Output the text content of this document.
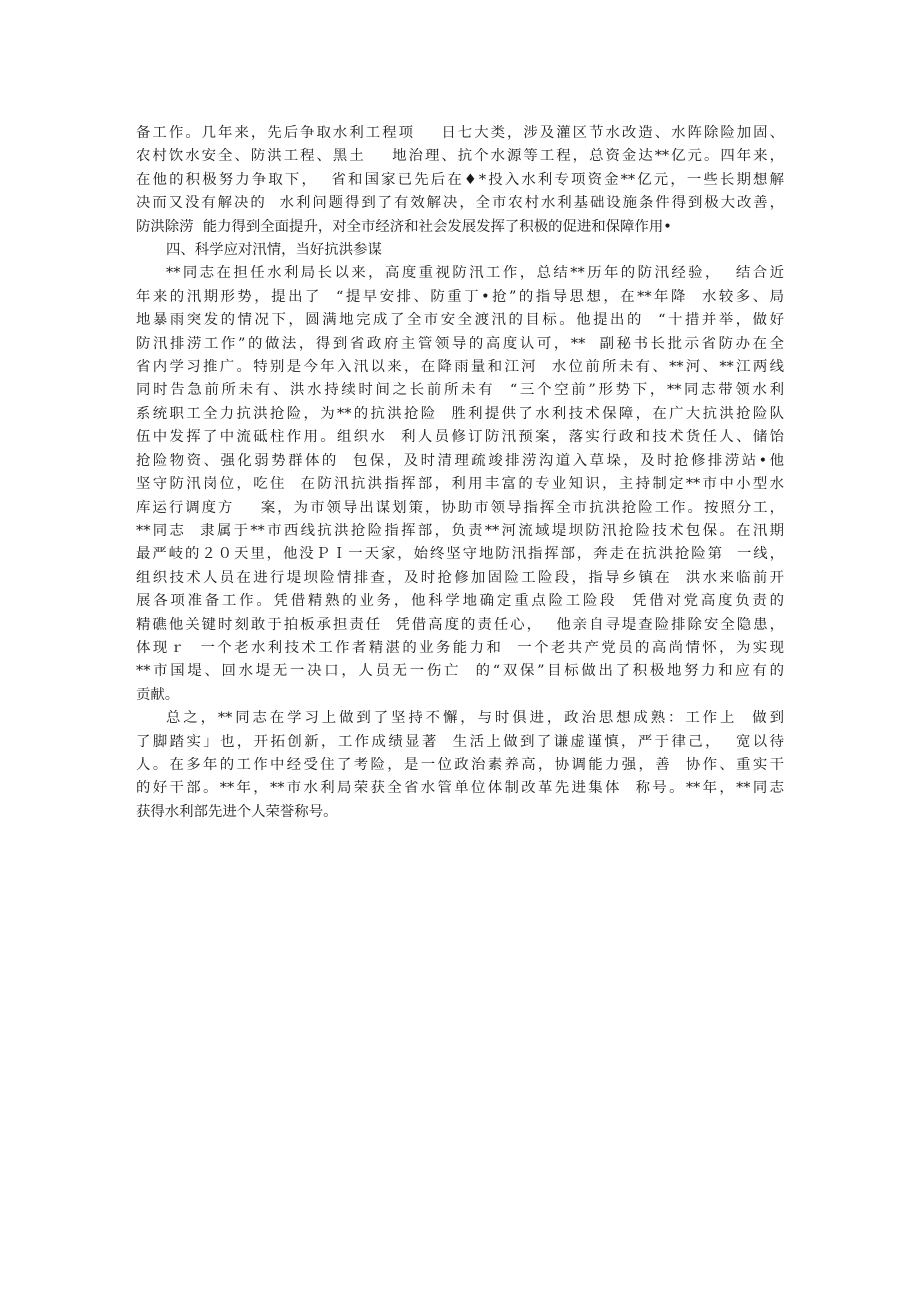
备工作。几年来，先后争取水利工程项    日七大类，涉及灌区节水改造、水阵除险加固、
农村饮水安全、防洪工程、黑土    地治理、抗个水源等工程，总资金达**亿元。四年来，
在他的积极努力争取下，  省和国家已先后在♦*投入水利专项资金**亿元，一些长期想解
决而又没有解决的  水利问题得到了有效解决，全市农村水利基础设施条件得到极大改善，
防洪除涝  能力得到全面提升，对全市经济和社会发展发挥了积极的促进和保障作用•
四、科学应对汛情，当好抗洪参谋
**同志在担任水利局长以来，高度重视防汛工作，总结**历年的防汛经验，  结合近
年来的汛期形势，提出了  “提早安排、防重丁•抢”的指导思想，在**年降  水较多、局
地暴雨突发的情况下，圆满地完成了全市安全渡汛的目标。他提出的  “十措并举，做好
防汛排涝工作”的做法，得到省政府主管领导的高度认可，**  副秘书长批示省防办在全
省内学习推广。特别是今年入汛以来，在降雨量和江河  水位前所未有、**河、**江两线
同时告急前所未有、洪水持续时间之长前所未有  “三个空前”形势下，**同志带领水利
系统职工全力抗洪抢险，为**的抗洪抢险  胜利提供了水利技术保障，在广大抗洪抢险队
伍中发挥了中流砥柱作用。组织水  利人员修订防汛预案，落实行政和技术货任人、储饴
抢险物资、强化弱势群体的  包保，及时清理疏竣排涝沟道入草垛，及时抢修排涝站•他
坚守防汛岗位，吃住  在防汛抗洪指挥部，利用丰富的专业知识，主持制定**市中小型水
库运行调度方    案，为市领导出谋划策，协助市领导指挥全市抗洪抢险工作。按照分工，
**同志  隶属于**市西线抗洪抢险指挥部，负责**河流域堤坝防汛抢险技术包保。在汛期
最严岐的２０天里，他没ＰＩ一天家，始终坚守地防汛指挥部，奔走在抗洪抢险第  一线，
组织技术人员在进行堤坝险情排查，及时抢修加固险工险段，指导乡镇在  洪水来临前开
展各项准备工作。凭借精熟的业务，他科学地确定重点险工险段  凭借对党高度负责的
精礁他关键时刻敢于拍板承担责任  凭借高度的责任心，  他亲自寻堤查险排除安全隐患，
体现ｒ  一个老水利技术工作者精湛的业务能力和  一个老共产党员的高尚情怀，为实现
**市国堤、回水堤无一决口，人员无一伤亡  的“双保”目标做出了积极地努力和应有的
贡献。
总之，**同志在学习上做到了坚持不懈，与时俱进，政治思想成熟：工作上  做到
了脚踏实」也，开拓创新，工作成绩显著  生活上做到了谦虚谨慎，严于律己，  宽以待
人。在多年的工作中经受住了考险，是一位政治素养高，协调能力强，善  协作、重实干
的好干部。**年，**市水利局荣获全省水管单位体制改革先进集体  称号。**年，**同志
获得水利部先进个人荣誉称号。
